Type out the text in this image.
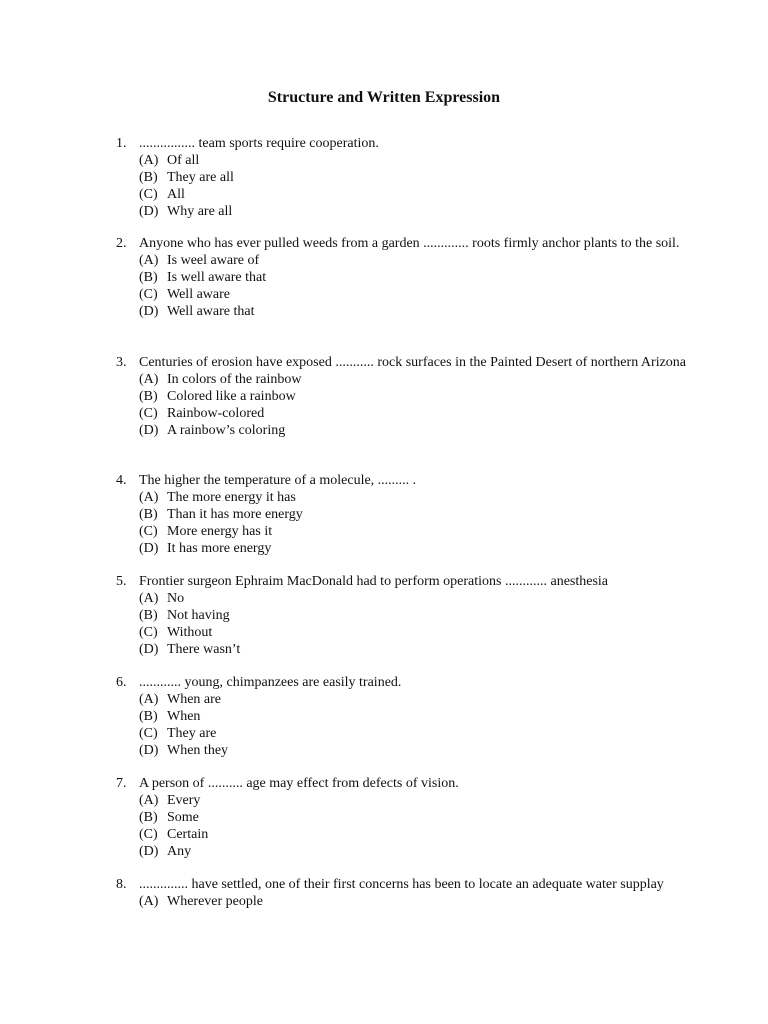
Structure and Written Expression
1. ................ team sports require cooperation.
(A) Of all
(B) They are all
(C) All
(D) Why are all
2. Anyone who has ever pulled weeds from a garden ............. roots firmly anchor plants to the soil.
(A) Is weel aware of
(B) Is well aware that
(C) Well aware
(D) Well aware that
3. Centuries of erosion have exposed ........... rock surfaces in the Painted Desert of northern Arizona
(A) In colors of the rainbow
(B) Colored like a rainbow
(C) Rainbow-colored
(D) A rainbow’s coloring
4. The higher the temperature of a molecule, ......... .
(A) The more energy it has
(B) Than it has more energy
(C) More energy has it
(D) It has more energy
5. Frontier surgeon Ephraim MacDonald had to perform operations ............ anesthesia
(A) No
(B) Not having
(C) Without
(D) There wasn’t
6. ............ young, chimpanzees are easily trained.
(A) When are
(B) When
(C) They are
(D) When they
7. A person of .......... age may effect from defects of vision.
(A) Every
(B) Some
(C) Certain
(D) Any
8. .............. have settled, one of their first concerns has been to locate an adequate water supplay
(A) Wherever people
